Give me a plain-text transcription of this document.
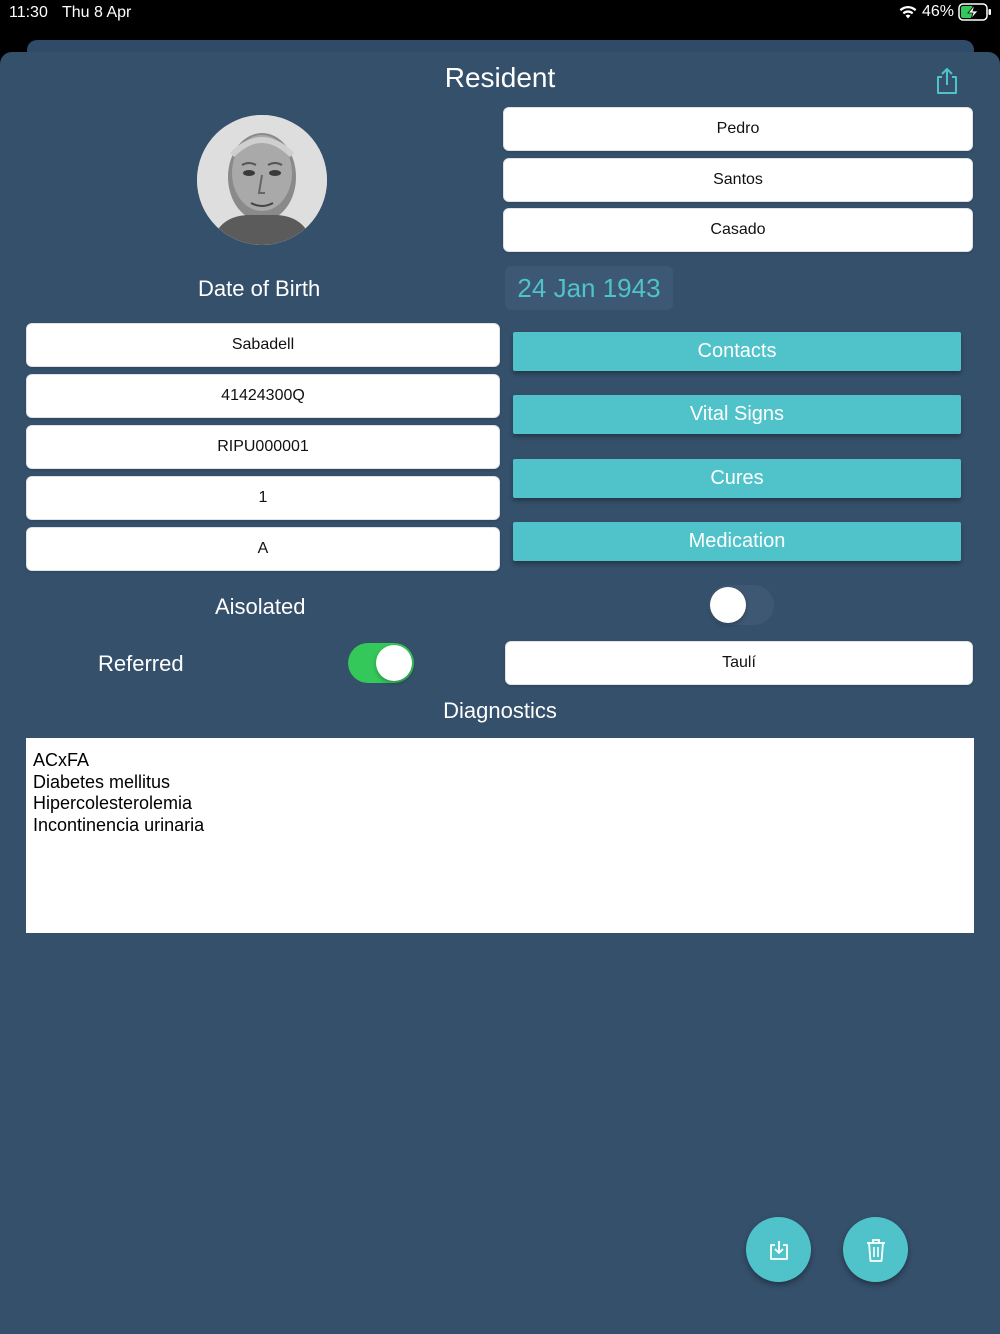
11:30 Thu 8 Apr	46%
Resident
Pedro
Santos
Casado
Date of Birth	24 Jan 1943
Sabadell
41424300Q
RIPU000001
1
A
Contacts
Vital Signs
Cures
Medication
Aisolated
Referred	Taulí
Diagnostics
ACxFA
Diabetes mellitus
Hipercolesterolemia
Incontinencia urinaria
